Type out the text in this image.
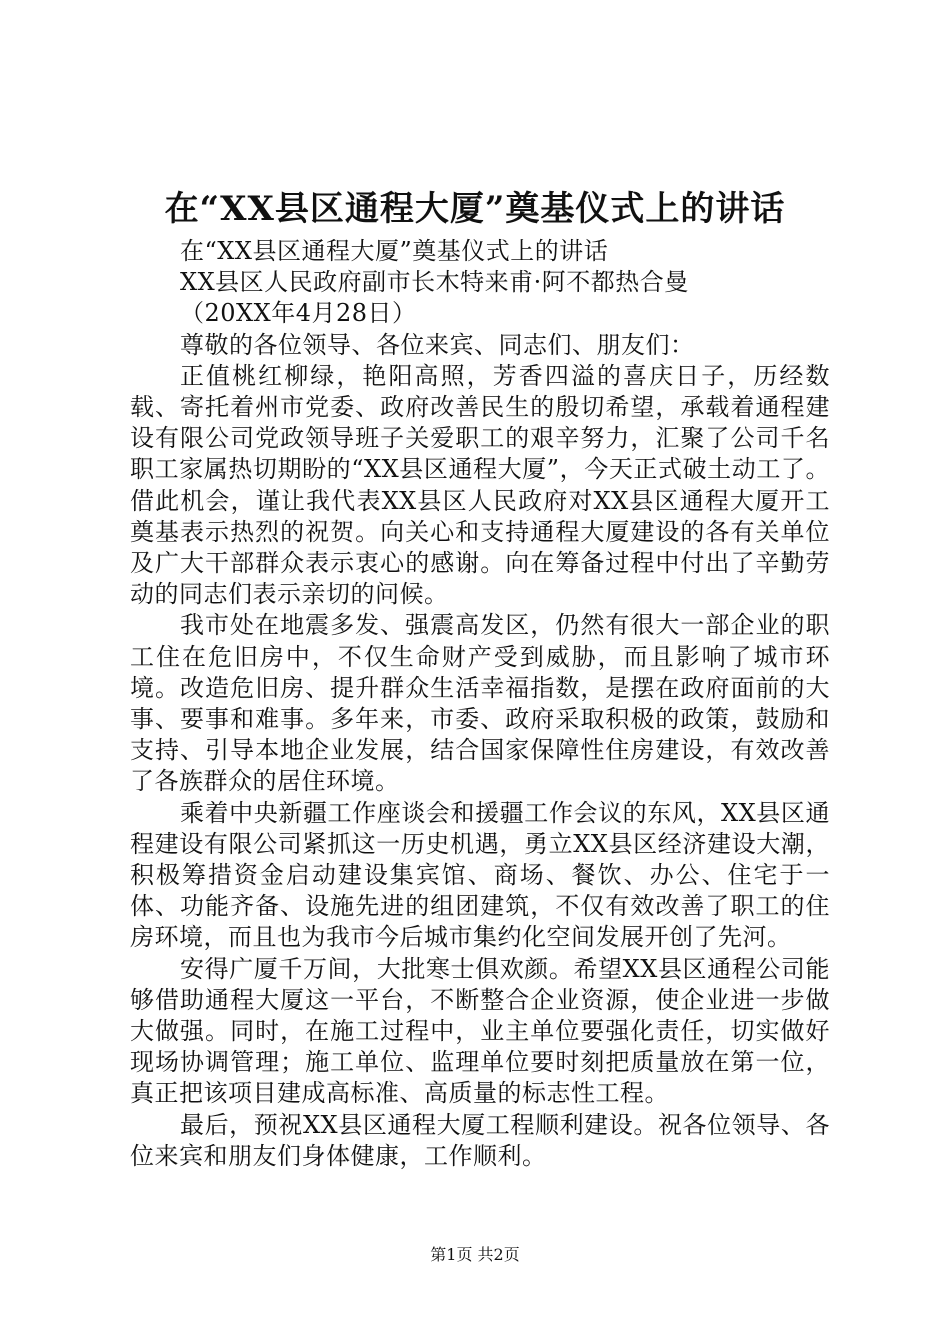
在“XX县区通程大厦”奠基仪式上的讲话

在“XX县区通程大厦”奠基仪式上的讲话

XX县区人民政府副市长木特来甫·阿不都热合曼

（20XX年4月28日）

尊敬的各位领导、各位来宾、同志们、朋友们：

正值桃红柳绿，艳阳高照，芳香四溢的喜庆日子，历经数载、寄托着州市党委、政府改善民生的殷切希望，承载着通程建设有限公司党政领导班子关爱职工的艰辛努力，汇聚了公司千名职工家属热切期盼的“XX县区通程大厦”，今天正式破土动工了。借此机会，谨让我代表XX县区人民政府对XX县区通程大厦开工奠基表示热烈的祝贺。向关心和支持通程大厦建设的各有关单位及广大干部群众表示衷心的感谢。向在筹备过程中付出了辛勤劳动的同志们表示亲切的问候。

我市处在地震多发、强震高发区，仍然有很大一部企业的职工住在危旧房中，不仅生命财产受到威胁，而且影响了城市环境。改造危旧房、提升群众生活幸福指数，是摆在政府面前的大事、要事和难事。多年来，市委、政府采取积极的政策，鼓励和支持、引导本地企业发展，结合国家保障性住房建设，有效改善了各族群众的居住环境。

乘着中央新疆工作座谈会和援疆工作会议的东风，XX县区通程建设有限公司紧抓这一历史机遇，勇立XX县区经济建设大潮，积极筹措资金启动建设集宾馆、商场、餐饮、办公、住宅于一体、功能齐备、设施先进的组团建筑，不仅有效改善了职工的住房环境，而且也为我市今后城市集约化空间发展开创了先河。

安得广厦千万间，大批寒士俱欢颜。希望XX县区通程公司能够借助通程大厦这一平台，不断整合企业资源，使企业进一步做大做强。同时，在施工过程中，业主单位要强化责任，切实做好现场协调管理；施工单位、监理单位要时刻把质量放在第一位，真正把该项目建成高标准、高质量的标志性工程。

最后，预祝XX县区通程大厦工程顺利建设。祝各位领导、各位来宾和朋友们身体健康，工作顺利。

第1页 共2页
